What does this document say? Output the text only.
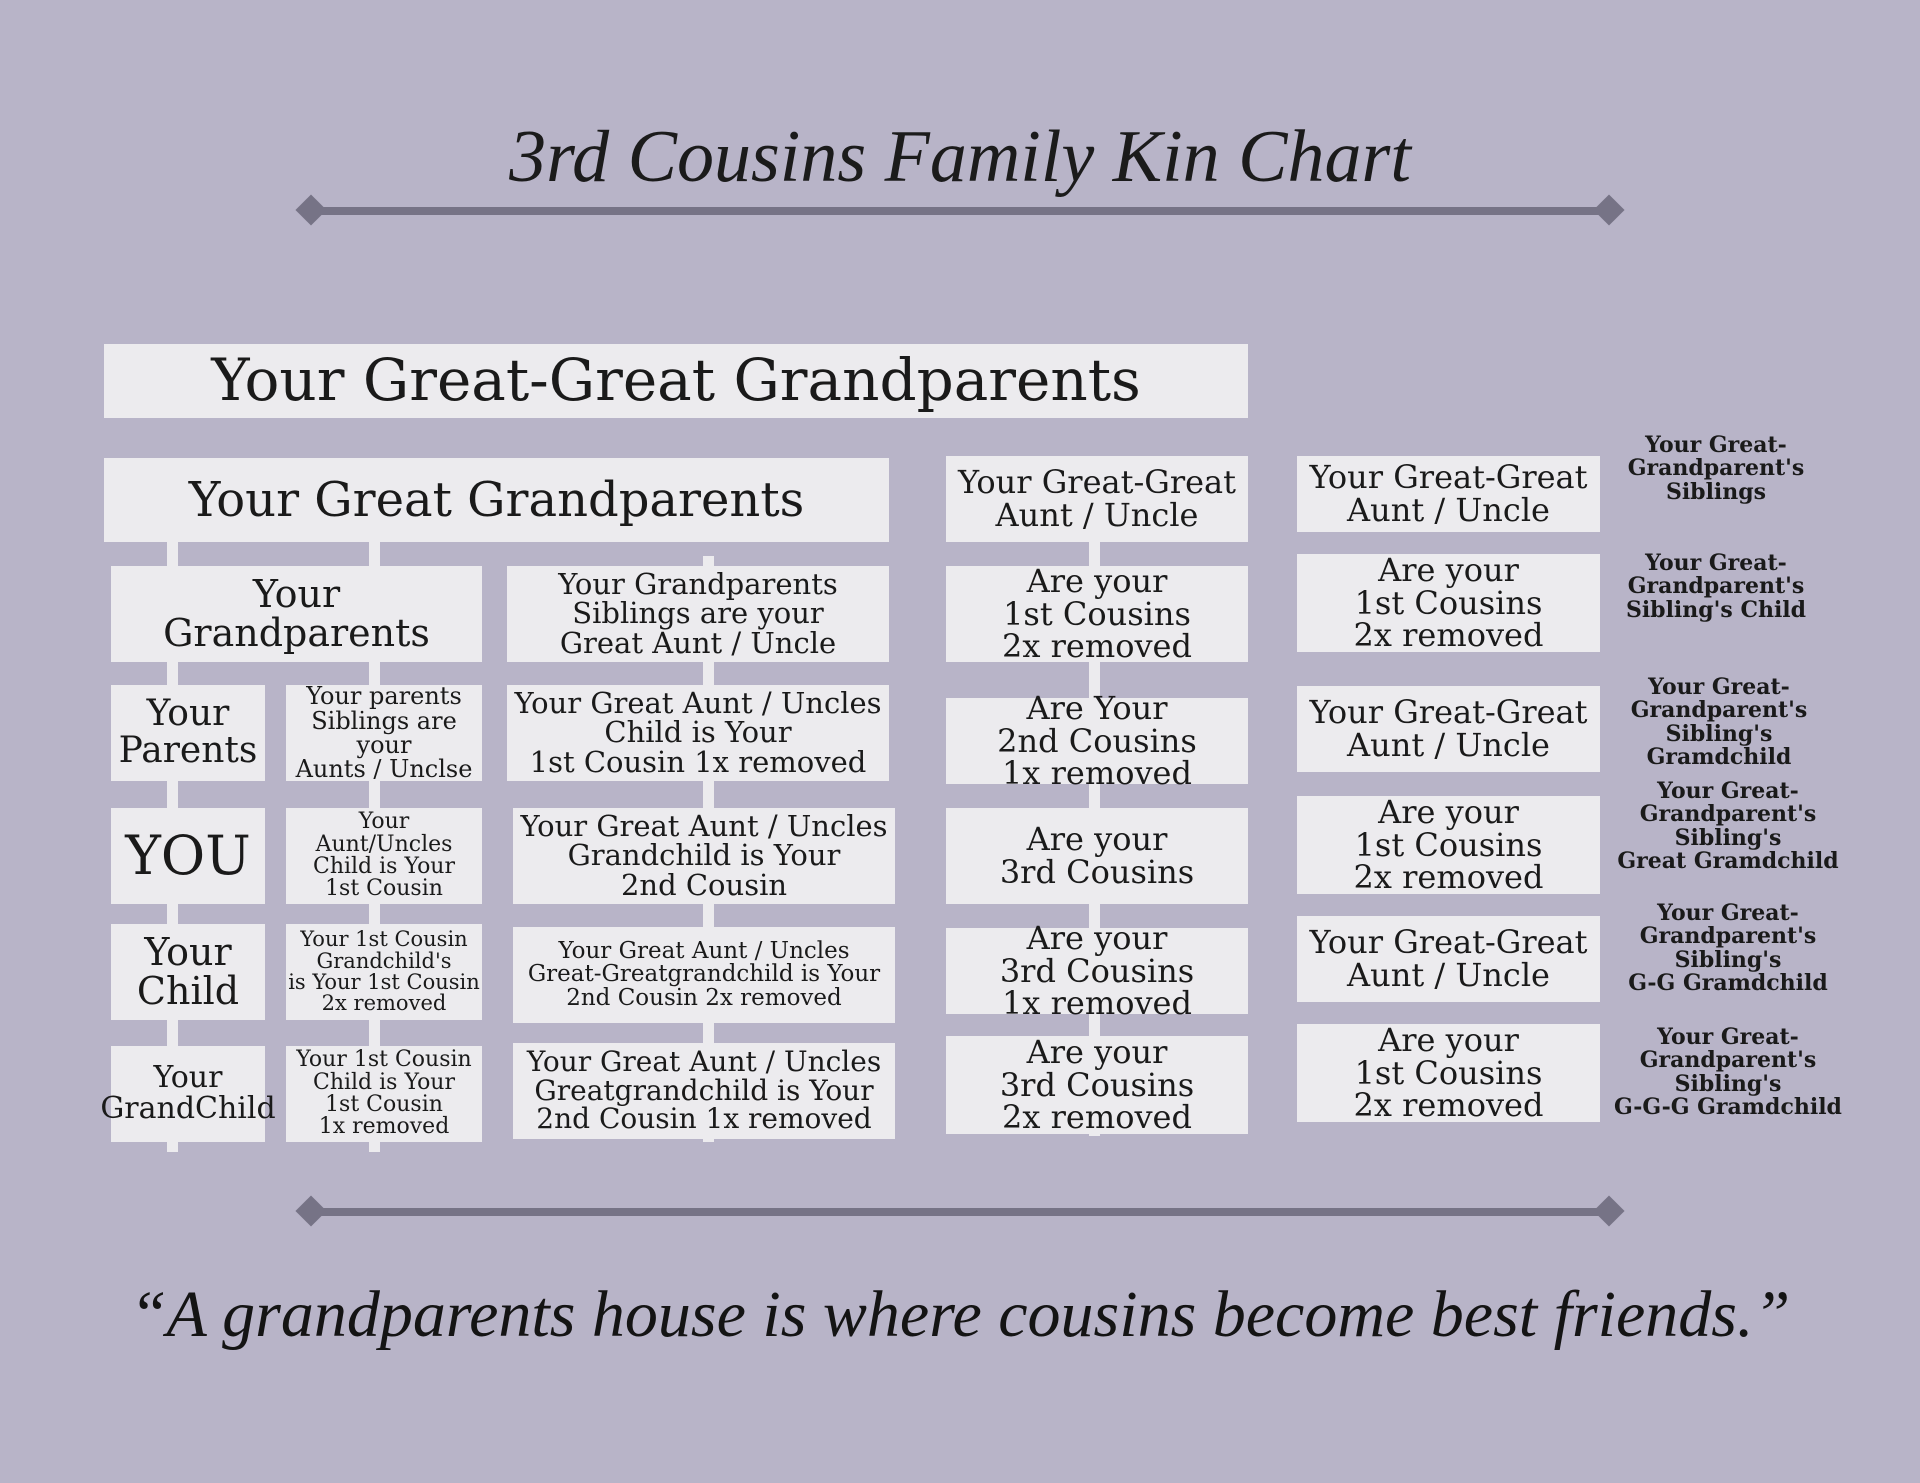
3rd Cousins Family Kin Chart
Your Great-Great Grandparents
Your Great Grandparents
Your
Grandparents
Your Grandparents
Siblings are your
Great Aunt / Uncle
Your
Parents
Your parents
Siblings are your
Aunts / Unclse
Your Great Aunt / Uncles
Child is Your
1st Cousin 1x removed
YOU
Your Aunt/Uncles
Child is Your
1st Cousin
Your Great Aunt / Uncles
Grandchild is Your
2nd Cousin
Your
Child
Your 1st Cousin
Grandchild's
is Your 1st Cousin
2x removed
Your Great Aunt / Uncles
Great-Greatgrandchild is Your
2nd Cousin 2x removed
Your
GrandChild
Your 1st Cousin
Child is Your
1st Cousin
1x removed
Your Great Aunt / Uncles
Greatgrandchild is Your
2nd Cousin 1x removed
Your Great-Great
Aunt / Uncle
Are your
1st Cousins
2x removed
Are Your
2nd Cousins
1x removed
Are your
3rd Cousins
Are your
3rd Cousins
1x removed
Are your
3rd Cousins
2x removed
Your Great-Great
Aunt / Uncle
Are your
1st Cousins
2x removed
Your Great-Great
Aunt / Uncle
Are your
1st Cousins
2x removed
Your Great-Great
Aunt / Uncle
Are your
1st Cousins
2x removed
Your Great-
Grandparent's
Siblings
Your Great-
Grandparent's
Sibling's Child
Your Great-
Grandparent's
Sibling's Gramdchild
Your Great-
Grandparent's
Sibling's
Great Gramdchild
Your Great-
Grandparent's
Sibling's
G-G Gramdchild
Your Great-
Grandparent's
Sibling's
G-G-G Gramdchild
“A grandparents house is where cousins become best friends.”
